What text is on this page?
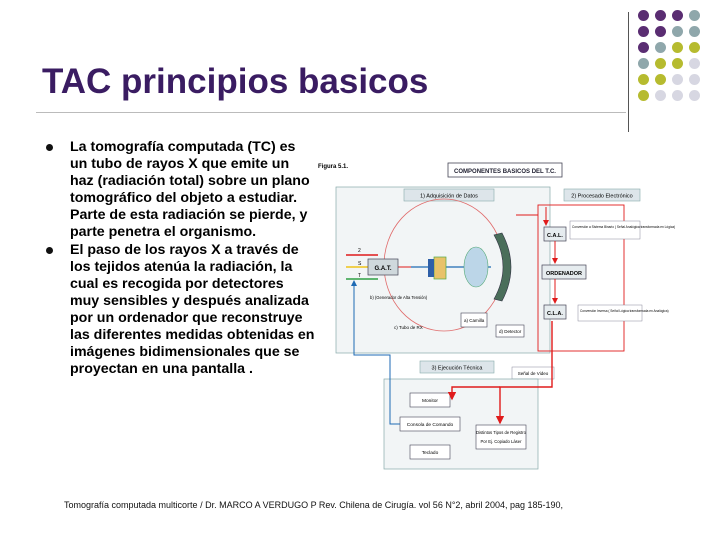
TAC principios basicos
La tomografía computada (TC) es un tubo de rayos X que emite un haz (radiación total) sobre un plano tomográfico del objeto a estudiar. Parte de esta radiación se pierde, y parte penetra el organismo.
El paso de los rayos X a través de los tejidos atenúa la radiación, la cual es recogida por detectores muy sensibles y después analizada por un ordenador que reconstruye las diferentes medidas obtenidas en imágenes bidimensionales que se proyectan en una pantalla .
Figura 5.1.
COMPONENTES BASICOS DEL T.C.
1) Adquisición de Datos	2) Procesado Electrónico
2
S
T
G.A.T.
b) (Generador de Alta Tensión)
c) Tubo de RX
a) Camilla
d) Detector
C.A.L.
Conversión a Sistema Binario ( Señal Analógica transformada en Lógica)
ORDENADOR
C.L.A.	Conversión Inversa ( Señal Lógica transformada en Analógica)
3) Ejecución Técnica
Señal de Video
Monitor
Consola de Comando
Teclado
Distintos Tipos de Registro
Por Ej. Copiado Láser
Tomografía computada multicorte / Dr. MARCO A VERDUGO P Rev. Chilena de Cirugía. vol 56 N°2, abril 2004, pag 185-190,
